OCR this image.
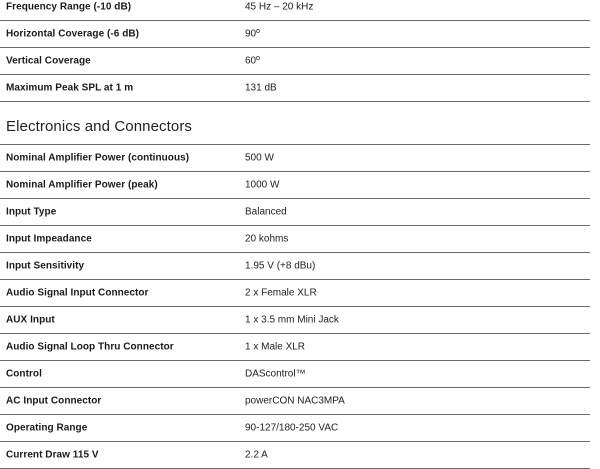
Frequency Range (-10 dB)	45 Hz – 20 kHz
Horizontal Coverage (-6 dB)	90º
Vertical Coverage	60º
Maximum Peak SPL at 1 m	131 dB
Electronics and Connectors
Nominal Amplifier Power (continuous)	500 W
Nominal Amplifier Power (peak)	1000 W
Input Type	Balanced
Input Impeadance	20 kohms
Input Sensitivity	1.95 V (+8 dBu)
Audio Signal Input Connector	2 x Female XLR
AUX Input	1 x 3.5 mm Mini Jack
Audio Signal Loop Thru Connector	1 x Male XLR
Control	DAScontrol™
AC Input Connector	powerCON NAC3MPA
Operating Range	90-127/180-250 VAC
Current Draw 115 V	2.2 A
